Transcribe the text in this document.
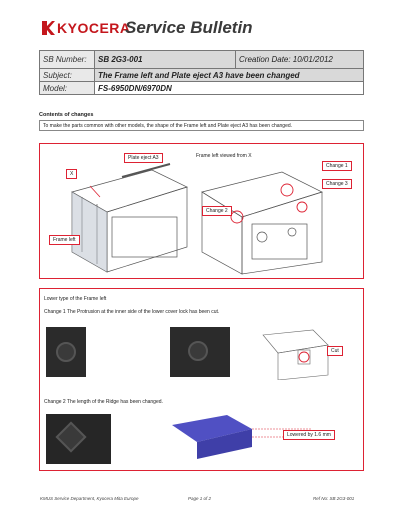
KYOCERA
Service Bulletin
SB Number:	SB 2G3-001	Creation Date: 10/01/2012
Subject:	The Frame left and Plate eject A3 have been changed	
Model:	FS-6950DN/6970DN	
Contents of changes
To make the parts common with other models, the shape of the Frame left and Plate eject A3 has been changed.
Plate eject A3
X
Frame left
Frame left viewed from X
Change 1
Change 2
Change 3
Lower type of the Frame left
Change 1 The Protrusion at the inner side of the lower cover lock has been cut.
Cut
Change 2 The length of the Ridge has been changed.
Lowered by 1.6 mm
KMUS Service Department, Kyocera Mita Europe	Page 1 of 2	Ref No: SB 2G3-001
